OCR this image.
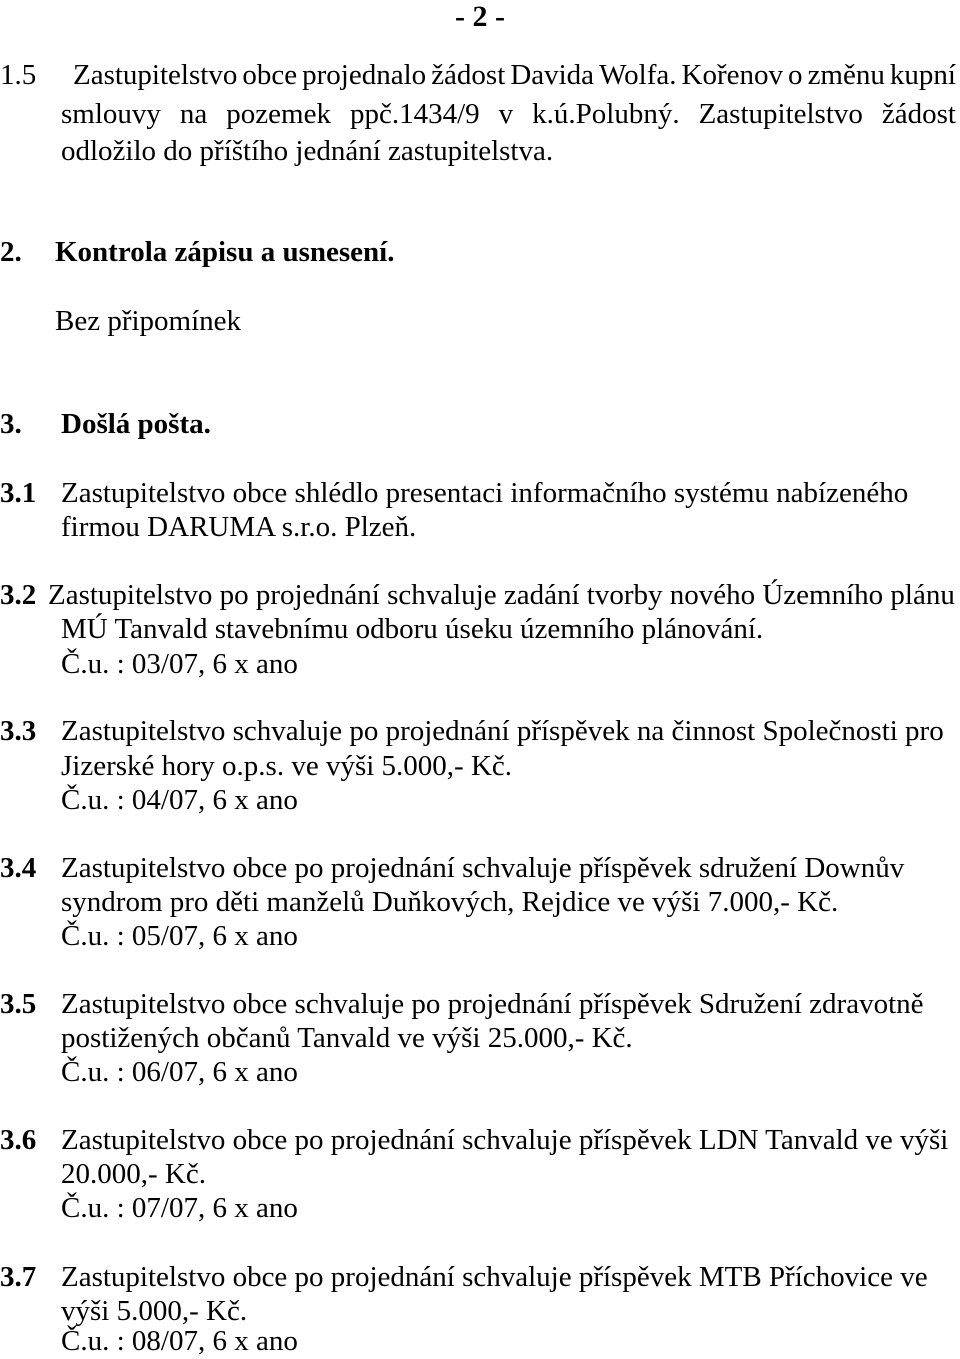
- 2 -
1.5 Zastupitelstvo obce projednalo žádost Davida Wolfa. Kořenov o změnu kupní
smlouvy na pozemek ppč.1434/9 v k.ú.Polubný. Zastupitelstvo žádost
odložilo do příštího jednání zastupitelstva.
2. Kontrola zápisu a usnesení.
Bez připomínek
3. Došlá pošta.
3.1 Zastupitelstvo obce shlédlo presentaci informačního systému nabízeného
firmou DARUMA s.r.o. Plzeň.
3.2 Zastupitelstvo po projednání schvaluje zadání tvorby nového Územního plánu
MÚ Tanvald stavebnímu odboru úseku územního plánování.
Č.u. : 03/07, 6 x ano
3.3 Zastupitelstvo schvaluje po projednání příspěvek na činnost Společnosti pro
Jizerské hory o.p.s. ve výši 5.000,- Kč.
Č.u. : 04/07, 6 x ano
3.4 Zastupitelstvo obce po projednání schvaluje příspěvek sdružení Downův
syndrom pro děti manželů Duňkových, Rejdice ve výši 7.000,- Kč.
Č.u. : 05/07, 6 x ano
3.5 Zastupitelstvo obce schvaluje po projednání příspěvek Sdružení zdravotně
postižených občanů Tanvald ve výši 25.000,- Kč.
Č.u. : 06/07, 6 x ano
3.6 Zastupitelstvo obce po projednání schvaluje příspěvek LDN Tanvald ve výši
20.000,- Kč.
Č.u. : 07/07, 6 x ano
3.7 Zastupitelstvo obce po projednání schvaluje příspěvek MTB Příchovice ve
výši 5.000,- Kč.
Č.u. : 08/07, 6 x ano
